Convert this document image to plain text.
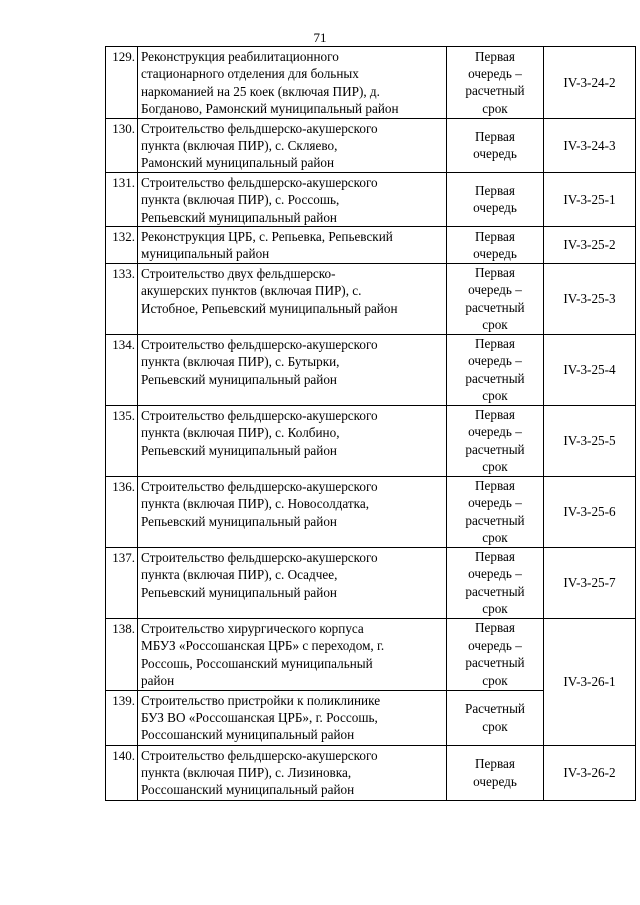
71
129.	Реконструкция реабилитационного
стационарного отделения для больных
наркоманией на 25 коек (включая ПИР), д.
Богданово, Рамонский муниципальный район	Первая
очередь –
расчетный
срок	IV-3-24-2
130.	Строительство фельдшерско-акушерского
пункта (включая ПИР), с. Скляево,
Рамонский муниципальный район	Первая
очередь	IV-3-24-3
131.	Строительство фельдшерско-акушерского
пункта (включая ПИР), с. Россошь,
Репьевский муниципальный район	Первая
очередь	IV-3-25-1
132.	Реконструкция ЦРБ, с. Репьевка, Репьевский
муниципальный район	Первая
очередь	IV-3-25-2
133.	Строительство двух фельдшерско-
акушерских пунктов (включая ПИР), с.
Истобное, Репьевский муниципальный район	Первая
очередь –
расчетный
срок	IV-3-25-3
134.	Строительство фельдшерско-акушерского
пункта (включая ПИР), с. Бутырки,
Репьевский муниципальный район	Первая
очередь –
расчетный
срок	IV-3-25-4
135.	Строительство фельдшерско-акушерского
пункта (включая ПИР), с. Колбино,
Репьевский муниципальный район	Первая
очередь –
расчетный
срок	IV-3-25-5
136.	Строительство фельдшерско-акушерского
пункта (включая ПИР), с. Новосолдатка,
Репьевский муниципальный район	Первая
очередь –
расчетный
срок	IV-3-25-6
137.	Строительство фельдшерско-акушерского
пункта (включая ПИР), с. Осадчее,
Репьевский муниципальный район	Первая
очередь –
расчетный
срок	IV-3-25-7
138.	Строительство хирургического корпуса
МБУЗ «Россошанская ЦРБ» с переходом, г.
Россошь, Россошанский муниципальный
район	Первая
очередь –
расчетный
срок	IV-3-26-1
139.	Строительство пристройки к поликлинике
БУЗ ВО «Россошанская ЦРБ», г. Россошь,
Россошанский муниципальный район	Расчетный
срок	
140.	Строительство фельдшерско-акушерского
пункта (включая ПИР), с. Лизиновка,
Россошанский муниципальный район	Первая
очередь	IV-3-26-2
